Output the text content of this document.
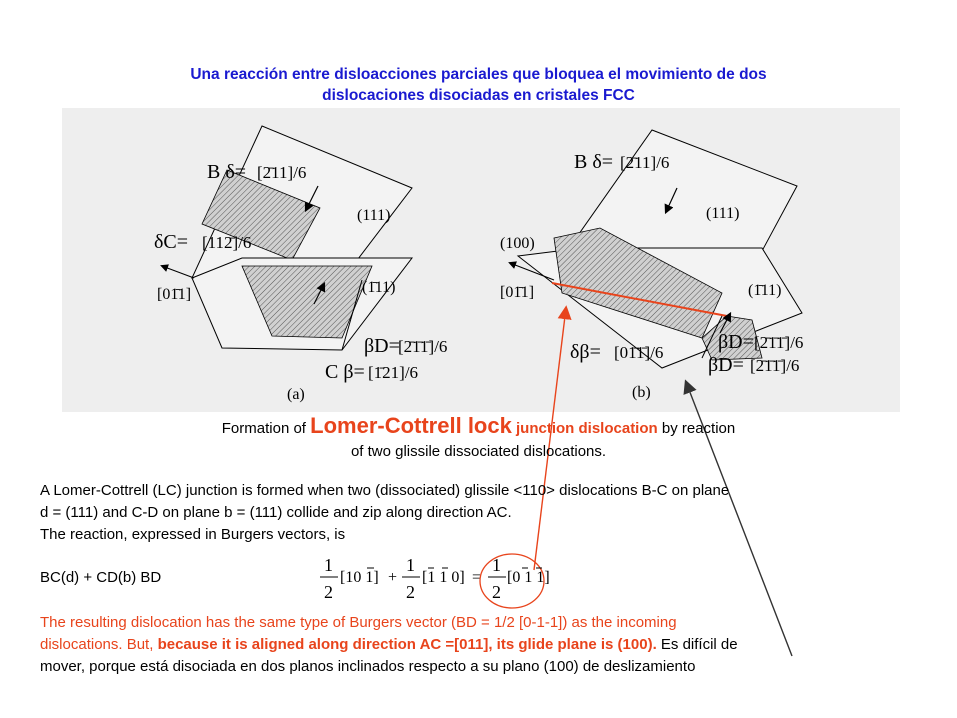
Una reacción entre disloacciones parciales que bloquea el movimiento de dos
dislocaciones disociadas en cristales FCC
B δ= [2̄11]/6
(111)
δC= [112̄]/6
[01̄1]	(1̄11)
βD=
[2̄1̄1̄]/6
C β= [1̄21]/6
(a)
B δ= [2̄11]/6
(111)
(100)
[01̄1]	(1̄11)
βD= [2̄1̄1̄]/6
δβ= [01̄1̄]/6
βD= [2̄1̄1̄]/6
(b)
Formation of Lomer-Cottrell lock junction dislocation by reaction
of two glissile dissociated dislocations.
A Lomer-Cottrell (LC) junction is formed when two (dissociated) glissile <110> dislocations B-C on plane
d = (111) and C-D on plane b = (111) collide and zip along direction AC.
The reaction, expressed in Burgers vectors, is
BC(d) + CD(b) BD
1
2
[10 1] +
1
2
[1 1 0] =
1
2
[0 1 1]
The resulting dislocation has the same type of Burgers vector (BD = 1/2 [0-1-1]) as the incoming
dislocations. But, because it is aligned along direction AC =[011], its glide plane is (100). Es difícil de
mover, porque está disociada en dos planos inclinados respecto a su plano (100) de deslizamiento
